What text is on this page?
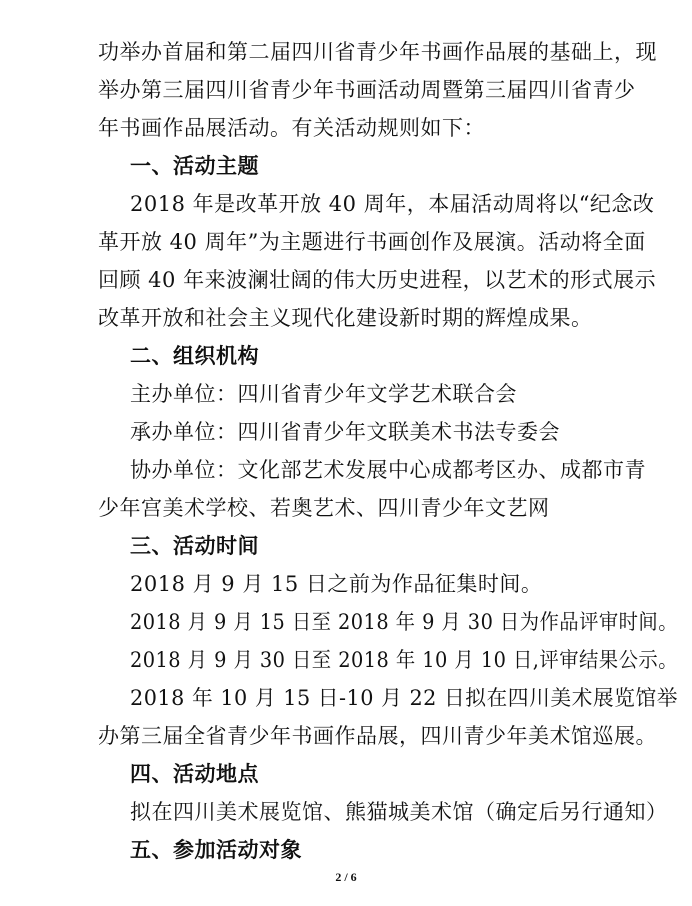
功举办首届和第二届四川省青少年书画作品展的基础上，现
举办第三届四川省青少年书画活动周暨第三届四川省青少
年书画作品展活动。有关活动规则如下：
一、活动主题
2018 年是改革开放 40 周年，本届活动周将以“纪念改
革开放 40 周年”为主题进行书画创作及展演。活动将全面
回顾 40 年来波澜壮阔的伟大历史进程，以艺术的形式展示
改革开放和社会主义现代化建设新时期的辉煌成果。
二、组织机构
主办单位：四川省青少年文学艺术联合会
承办单位：四川省青少年文联美术书法专委会
协办单位：文化部艺术发展中心成都考区办、成都市青
少年宫美术学校、若奥艺术、四川青少年文艺网
三、活动时间
2018 月 9 月 15 日之前为作品征集时间。
2018 月 9 月 15 日至 2018 年 9 月 30 日为作品评审时间。
2018 月 9 月 30 日至 2018 年 10 月 10 日,评审结果公示。
2018 年 10 月 15 日-10 月 22 日拟在四川美术展览馆举
办第三届全省青少年书画作品展，四川青少年美术馆巡展。
四、活动地点
拟在四川美术展览馆、熊猫城美术馆（确定后另行通知）
五、参加活动对象
2 / 6
